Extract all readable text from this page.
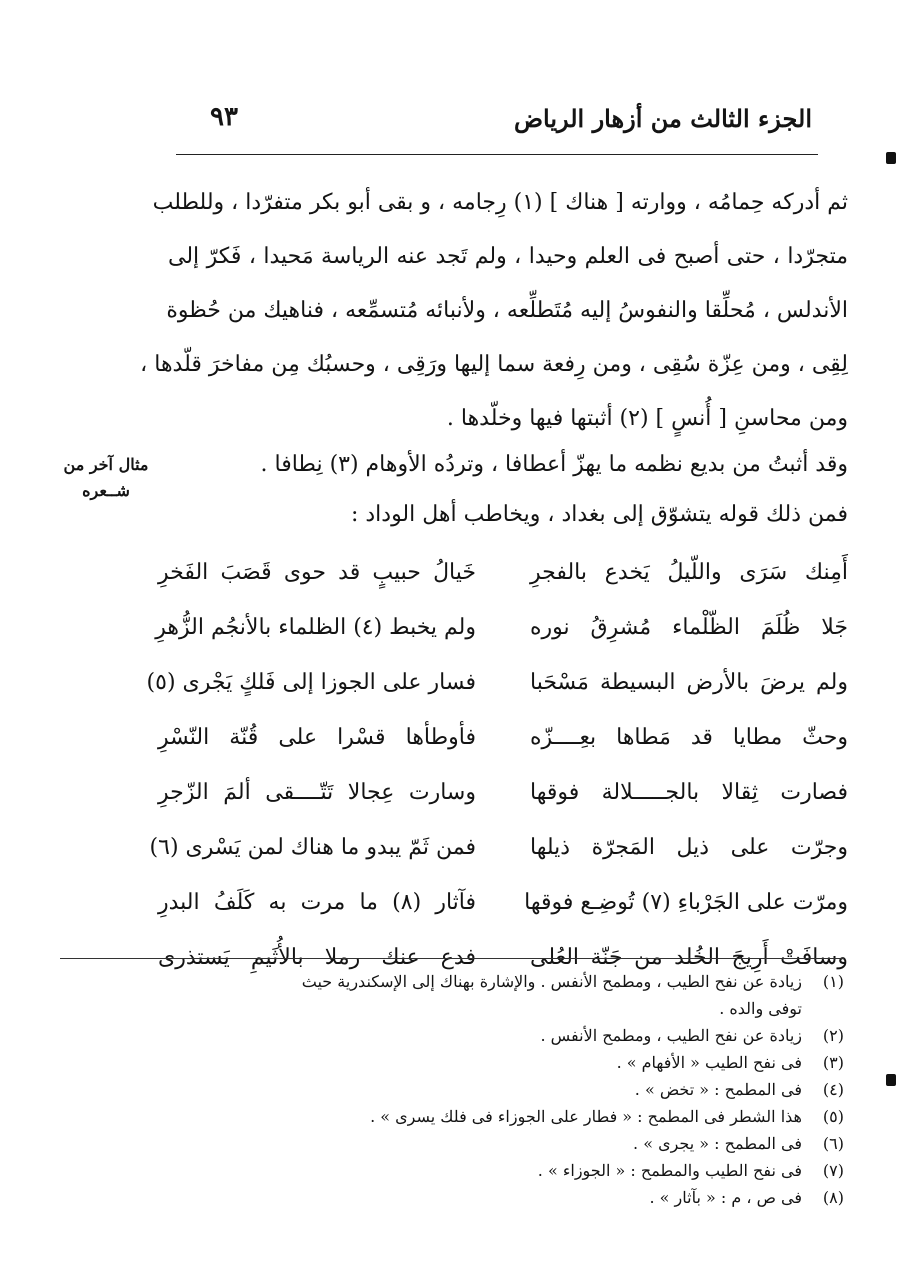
الجزء الثالث من أزهار الرياض
٩٣
ثم أدركه حِمامُه ، ووارته [ هناك ] (١) رِجامه ، و بقى أبو بكر متفرّدا ، وللطلب
متجرّدا ، حتى أصبح فى العلم وحيدا ، ولم تَجد عنه الرياسة مَحيدا ، فَكرّ إلى
الأندلس ، مُحلِّقا والنفوسُ إليه مُتَطلِّعه ، ولأنبائه مُتسمِّعه ، فناهيك من حُظوة
لِقِى ، ومن عِزّة سُقِى ، ومن رِفعة سما إليها ورَقِى ، وحسبُك مِن مفاخرَ قلّدها ،
ومن محاسنِ [ أُنسٍ ] (٢) أثبتها فيها وخلّدها .
مثال آخر من
شــعره
وقد أثبتُ من بديع نظمه ما يهزّ أعطافا ، وتردُه الأوهام (٣) نِطافا .
فمن ذلك قوله يتشوّق إلى بغداد ، ويخاطب أهل الوداد :
أَمِنك سَرَى واللّيلُ يَخدع بالفجرِ
خَيالُ حبيبٍ قد حوى قَصَبَ الفَخرِ
جَلا ظُلَمَ الظّلْماء مُشرِقُ نوره
ولم يخبط (٤) الظلماء بالأنجُم الزُّهرِ
ولم يرضَ بالأرض البسيطة مَسْحَبا
فسار على الجوزا إلى فَلكٍ يَجْرى (٥)
وحثّ مطايا قد مَطاها بعِــــزّه
فأوطأها قسْرا على قُنّة النّسْرِ
فصارت ثِقالا بالجـــــلالة فوقها
وسارت عِجالا تَتّــــقى ألمَ الزّجرِ
وجرّت على ذيل المَجرّة ذيلها
فمن ثَمّ يبدو ما هناك لمن يَسْرى (٦)
ومرّت على الجَرْباءِ (٧) تُوضِـع فوقها
فآثار (٨) ما مرت به كَلَفُ البدرِ
وسافَتْ أَرِيجَ الخُلد من جَنّة العُلى
فدع عنك رملا بالأُثَيمِ يَستذرى
(١)زيادة عن نفح الطيب ، ومطمح الأنفس . والإشارة بهناك إلى الإسكندرية حيث
توفى والده .
(٢)زيادة عن نفح الطيب ، ومطمح الأنفس .
(٣)فى نفح الطيب « الأفهام » .
(٤)فى المطمح : « تخض » .
(٥)هذا الشطر فى المطمح : « فطار على الجوزاء فى فلك يسرى » .
(٦)فى المطمح : « يجرى » .
(٧)فى نفح الطيب والمطمح : « الجوزاء » .
(٨)فى ص ، م : « بآثار » .
